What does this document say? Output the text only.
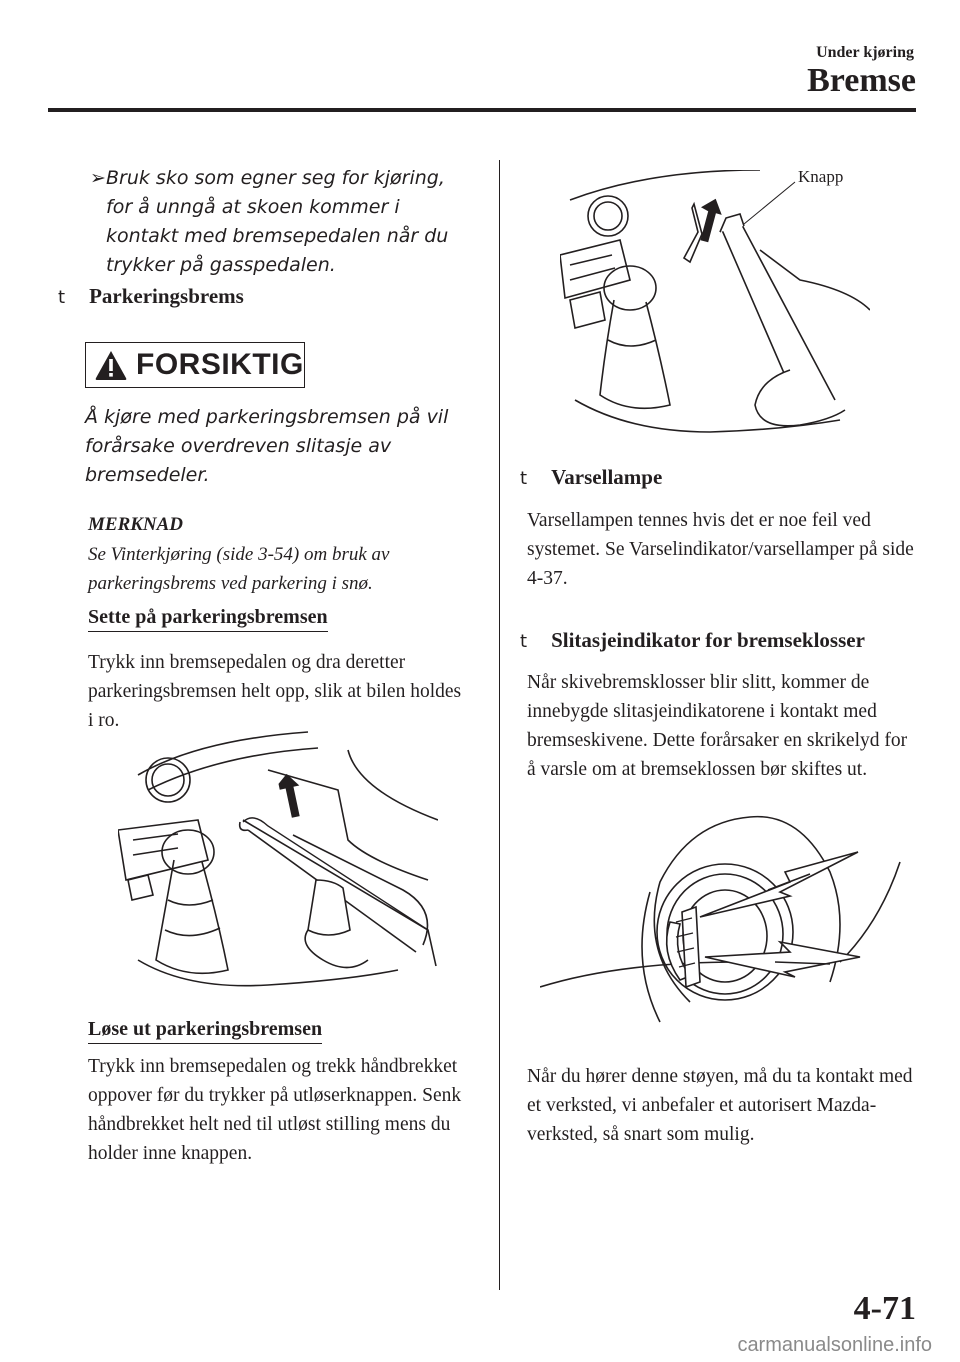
Under kjøring
Bremse
➢ Bruk sko som egner seg for kjøring, for å unngå at skoen kommer i kontakt med bremsepedalen når du trykker på gasspedalen.
t Parkeringsbrems
FORSIKTIG
Å kjøre med parkeringsbremsen på vil forårsake overdreven slitasje av bremsedeler.
MERKNAD
Se Vinterkjøring (side 3-54) om bruk av parkeringsbrems ved parkering i snø.
Sette på parkeringsbremsen
Trykk inn bremsepedalen og dra deretter parkeringsbremsen helt opp, slik at bilen holdes i ro.
Løse ut parkeringsbremsen
Trykk inn bremsepedalen og trekk håndbrekket oppover før du trykker på utløserknappen. Senk håndbrekket helt ned til utløst stilling mens du holder inne knappen.
Knapp
t Varsellampe
Varsellampen tennes hvis det er noe feil ved systemet. Se Varselindikator/varsellamper på side 4-37.
t Slitasjeindikator for bremseklosser
Når skivebremsklosser blir slitt, kommer de innebygde slitasjeindikatorene i kontakt med bremseskivene. Dette forårsaker en skrikelyd for å varsle om at bremseklossen bør skiftes ut.
Når du hører denne støyen, må du ta kontakt med et verksted, vi anbefaler et autorisert Mazda-verksted, så snart som mulig.
4-71
carmanualsonline.info
